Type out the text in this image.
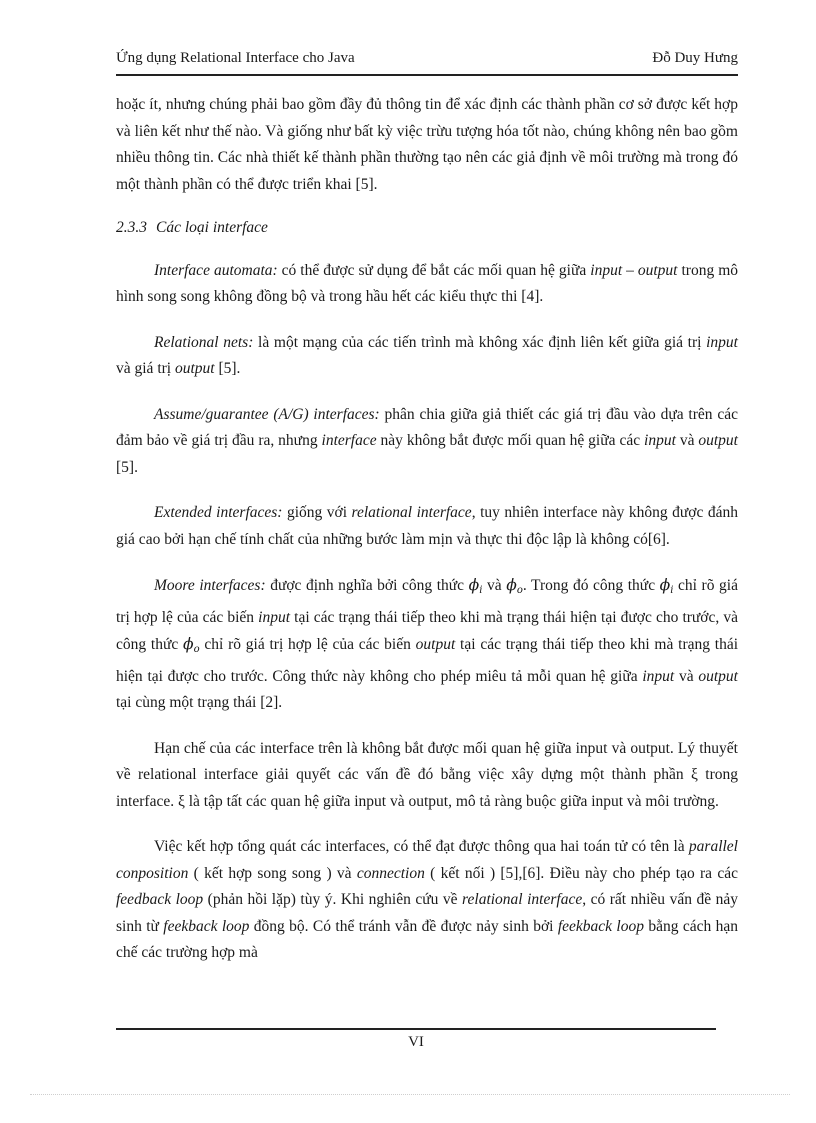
Ứng dụng Relational Interface cho Java	Đỗ Duy Hưng

hoặc ít, nhưng chúng phải bao gồm đầy đủ thông tin để xác định các thành phần cơ sở được kết hợp và liên kết như thế nào. Và giống như bất kỳ việc trừu tượng hóa tốt nào, chúng không nên bao gồm nhiều thông tin. Các nhà thiết kế thành phần thường tạo nên các giả định về môi trường mà trong đó một thành phần có thể được triển khai [5].

2.3.3 Các loại interface

Interface automata: có thể được sử dụng để bắt các mối quan hệ giữa input – output trong mô hình song song không đồng bộ và trong hầu hết các kiểu thực thi [4].

Relational nets: là một mạng của các tiến trình mà không xác định liên kết giữa giá trị input và giá trị output [5].

Assume/guarantee (A/G) interfaces: phân chia giữa giả thiết các giá trị đầu vào dựa trên các đảm bảo về giá trị đầu ra, nhưng interface này không bắt được mối quan hệ giữa các input và output [5].

Extended interfaces: giống với relational interface, tuy nhiên interface này không được đánh giá cao bởi hạn chế tính chất của những bước làm mịn và thực thi độc lập là không có[6].

Moore interfaces: được định nghĩa bởi công thức $\phi_i$ và $\phi_o$. Trong đó công thức $\phi_i$ chỉ rõ giá trị hợp lệ của các biến input tại các trạng thái tiếp theo khi mà trạng thái hiện tại được cho trước, và công thức $\phi_o$ chỉ rõ giá trị hợp lệ của các biến output tại các trạng thái tiếp theo khi mà trạng thái hiện tại được cho trước. Công thức này không cho phép miêu tả mỗi quan hệ giữa input và output tại cùng một trạng thái [2].

Hạn chế của các interface trên là không bắt được mối quan hệ giữa input và output. Lý thuyết về relational interface giải quyết các vấn đề đó bằng việc xây dựng một thành phần ξ trong interface. ξ là tập tất các quan hệ giữa input và output, mô tả ràng buộc giữa input và môi trường.

Việc kết hợp tổng quát các interfaces, có thể đạt được thông qua hai toán tử có tên là parallel conposition ( kết hợp song song ) và connection ( kết nối ) [5],[6]. Điều này cho phép tạo ra các feedback loop (phản hồi lặp) tùy ý. Khi nghiên cứu về relational interface, có rất nhiều vấn đề nảy sinh từ feekback loop đồng bộ. Có thể tránh vẫn đề được nảy sinh bởi feekback loop bằng cách hạn chế các trường hợp mà

VI
